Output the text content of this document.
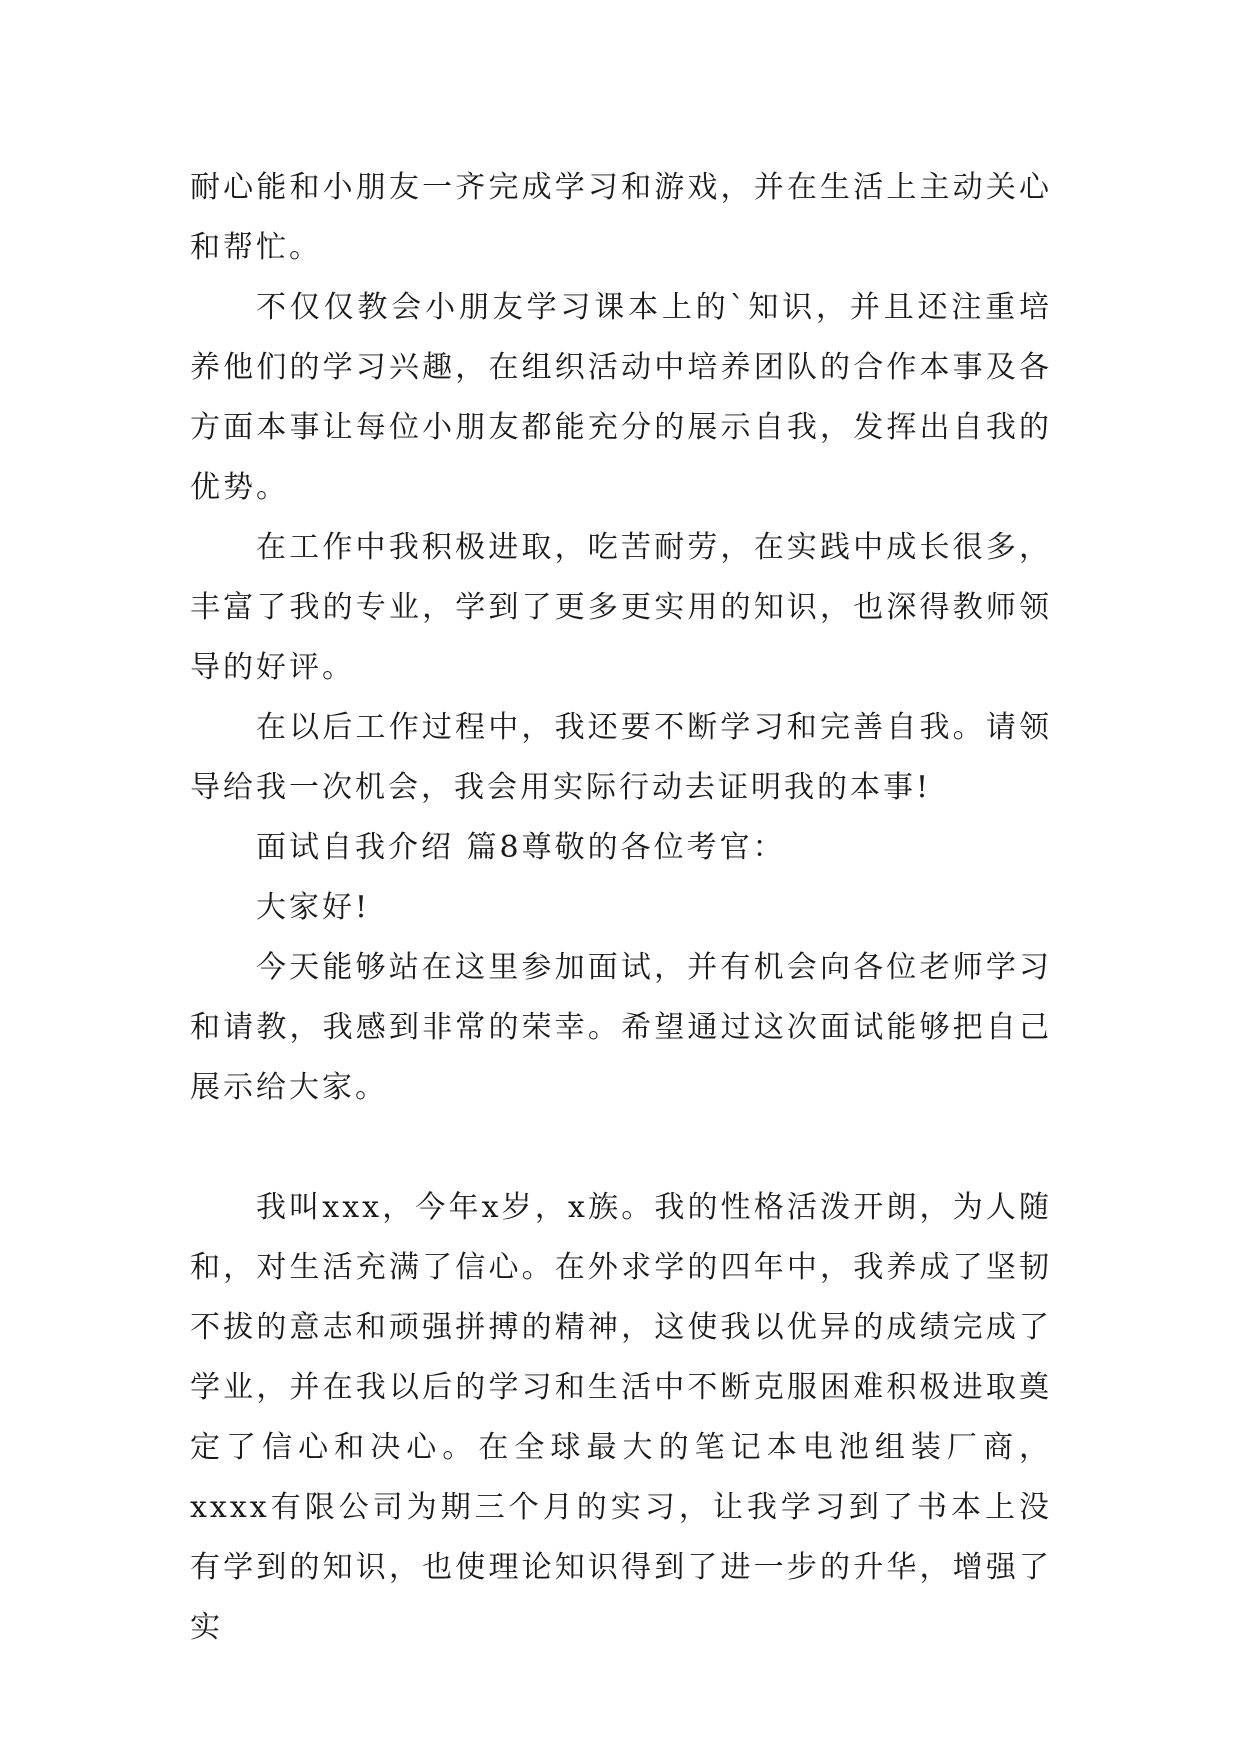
耐心能和小朋友一齐完成学习和游戏，并在生活上主动关心和帮忙。

不仅仅教会小朋友学习课本上的`知识，并且还注重培养他们的学习兴趣，在组织活动中培养团队的合作本事及各方面本事让每位小朋友都能充分的展示自我，发挥出自我的优势。

在工作中我积极进取，吃苦耐劳，在实践中成长很多，丰富了我的专业，学到了更多更实用的知识，也深得教师领导的好评。

在以后工作过程中，我还要不断学习和完善自我。请领导给我一次机会，我会用实际行动去证明我的本事!

面试自我介绍 篇8尊敬的各位考官：

大家好!

今天能够站在这里参加面试，并有机会向各位老师学习和请教，我感到非常的荣幸。希望通过这次面试能够把自己展示给大家。

我叫xxx，今年x岁，x族。我的性格活泼开朗，为人随和，对生活充满了信心。在外求学的四年中，我养成了坚韧不拔的意志和顽强拼搏的精神，这使我以优异的成绩完成了学业，并在我以后的学习和生活中不断克服困难积极进取奠定了信心和决心。在全球最大的笔记本电池组装厂商，xxxx有限公司为期三个月的实习，让我学习到了书本上没有学到的知识，也使理论知识得到了进一步的升华，增强了实
